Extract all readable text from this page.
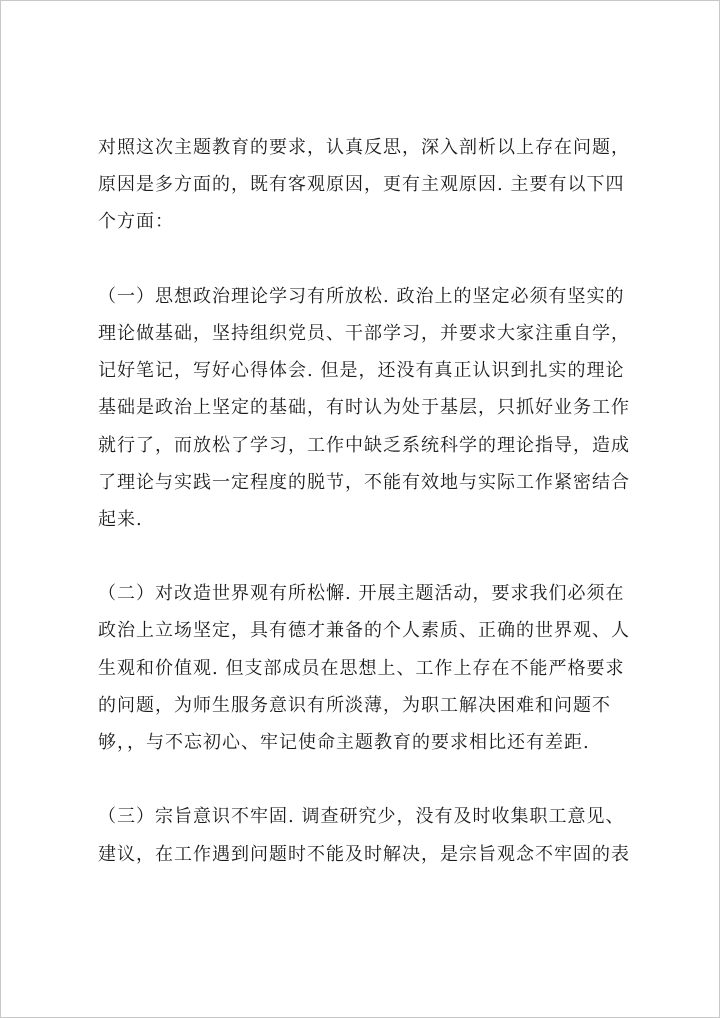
对照这次主题教育的要求，认真反思，深入剖析以上存在问题，
原因是多方面的，既有客观原因，更有主观原因. 主要有以下四
个方面：

（一）思想政治理论学习有所放松. 政治上的坚定必须有坚实的
理论做基础，坚持组织党员、干部学习，并要求大家注重自学，
记好笔记，写好心得体会. 但是，还没有真正认识到扎实的理论
基础是政治上坚定的基础，有时认为处于基层，只抓好业务工作
就行了，而放松了学习，工作中缺乏系统科学的理论指导，造成
了理论与实践一定程度的脱节，不能有效地与实际工作紧密结合
起来.

（二）对改造世界观有所松懈. 开展主题活动，要求我们必须在
政治上立场坚定，具有德才兼备的个人素质、正确的世界观、人
生观和价值观. 但支部成员在思想上、工作上存在不能严格要求
的问题，为师生服务意识有所淡薄，为职工解决困难和问题不
够，，与不忘初心、牢记使命主题教育的要求相比还有差距.

（三）宗旨意识不牢固. 调查研究少，没有及时收集职工意见、
建议，在工作遇到问题时不能及时解决，是宗旨观念不牢固的表
